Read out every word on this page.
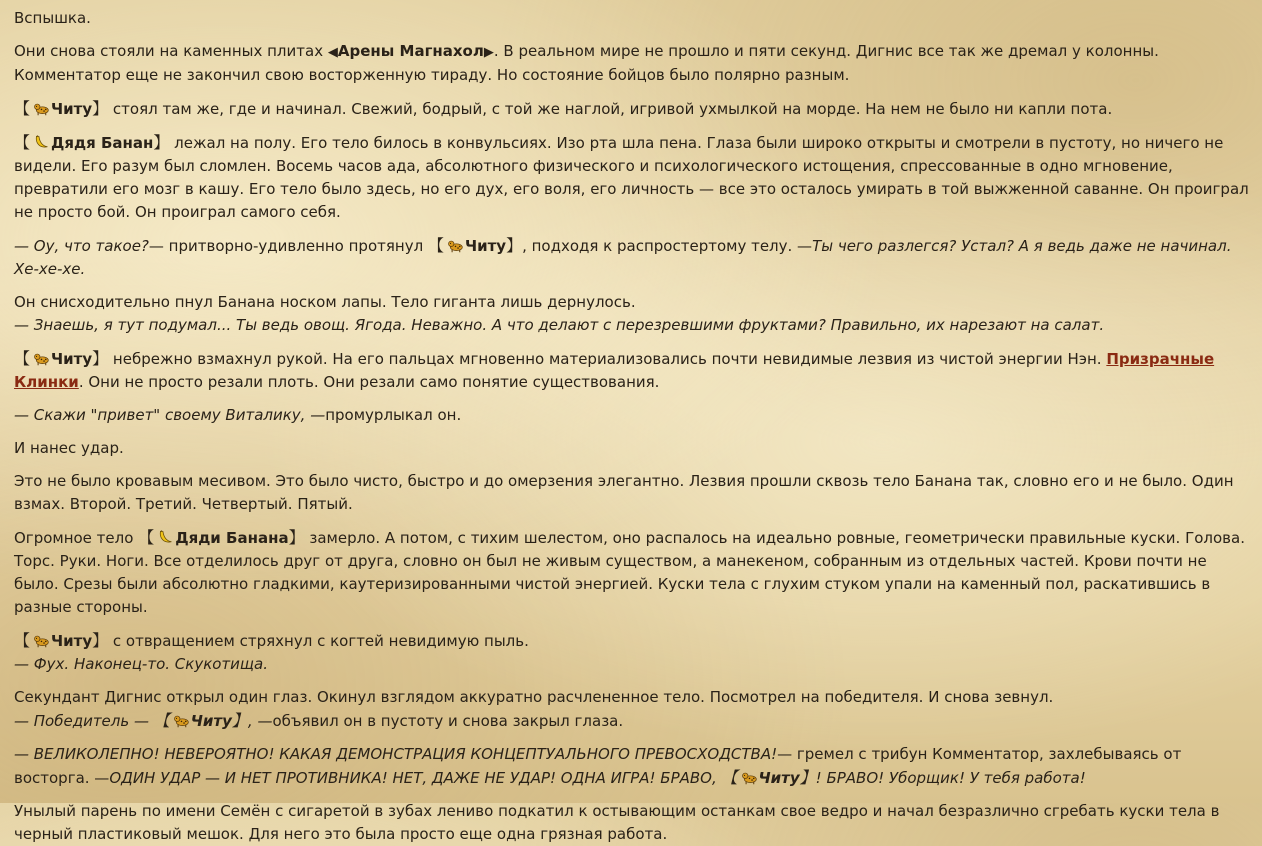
Вспышка.

Они снова стояли на каменных плитах ◀Арены Магнахол▶. В реальном мире не прошло и пяти секунд. Дигнис все так же дремал у колонны. Комментатор еще не закончил свою восторженную тираду. Но состояние бойцов было полярно разным.

【 Читу】 стоял там же, где и начинал. Свежий, бодрый, с той же наглой, игривой ухмылкой на морде. На нем не было ни капли пота.

【 Дядя Банан】 лежал на полу. Его тело билось в конвульсиях. Изо рта шла пена. Глаза были широко открыты и смотрели в пустоту, но ничего не видели. Его разум был сломлен. Восемь часов ада, абсолютного физического и психологического истощения, спрессованные в одно мгновение, превратили его мозг в кашу. Его тело было здесь, но его дух, его воля, его личность — все это осталось умирать в той выжженной саванне. Он проиграл не просто бой. Он проиграл самого себя.

— Оу, что такое?— притворно-удивленно протянул 【 Читу】, подходя к распростертому телу. —Ты чего разлегся? Устал? А я ведь даже не начинал. Хе-хе-хе.

Он снисходительно пнул Банана носком лапы. Тело гиганта лишь дернулось.
— Знаешь, я тут подумал... Ты ведь овощ. Ягода. Неважно. А что делают с перезревшими фруктами? Правильно, их нарезают на салат.

【 Читу】 небрежно взмахнул рукой. На его пальцах мгновенно материализовались почти невидимые лезвия из чистой энергии Нэн. Призрачные Клинки. Они не просто резали плоть. Они резали само понятие существования.

— Скажи "привет" своему Виталику, —промурлыкал он.

И нанес удар.

Это не было кровавым месивом. Это было чисто, быстро и до омерзения элегантно. Лезвия прошли сквозь тело Банана так, словно его и не было. Один взмах. Второй. Третий. Четвертый. Пятый.

Огромное тело 【 Дяди Банана】 замерло. А потом, с тихим шелестом, оно распалось на идеально ровные, геометрически правильные куски. Голова. Торс. Руки. Ноги. Все отделилось друг от друга, словно он был не живым существом, а манекеном, собранным из отдельных частей. Крови почти не было. Срезы были абсолютно гладкими, каутеризированными чистой энергией. Куски тела с глухим стуком упали на каменный пол, раскатившись в разные стороны.

【 Читу】 с отвращением стряхнул с когтей невидимую пыль.
— Фух. Наконец-то. Скукотища.

Секундант Дигнис открыл один глаз. Окинул взглядом аккуратно расчлененное тело. Посмотрел на победителя. И снова зевнул.
— Победитель — 【 Читу】, —объявил он в пустоту и снова закрыл глаза.

— ВЕЛИКОЛЕПНО! НЕВЕРОЯТНО! КАКАЯ ДЕМОНСТРАЦИЯ КОНЦЕПТУАЛЬНОГО ПРЕВОСХОДСТВА!— гремел с трибун Комментатор, захлебываясь от восторга. —ОДИН УДАР — И НЕТ ПРОТИВНИКА! НЕТ, ДАЖЕ НЕ УДАР! ОДНА ИГРА! БРАВО, 【 Читу】! БРАВО! Уборщик! У тебя работа!

Унылый парень по имени Семён с сигаретой в зубах лениво подкатил к остывающим останкам свое ведро и начал безразлично сгребать куски тела в черный пластиковый мешок. Для него это была просто еще одна грязная работа.
